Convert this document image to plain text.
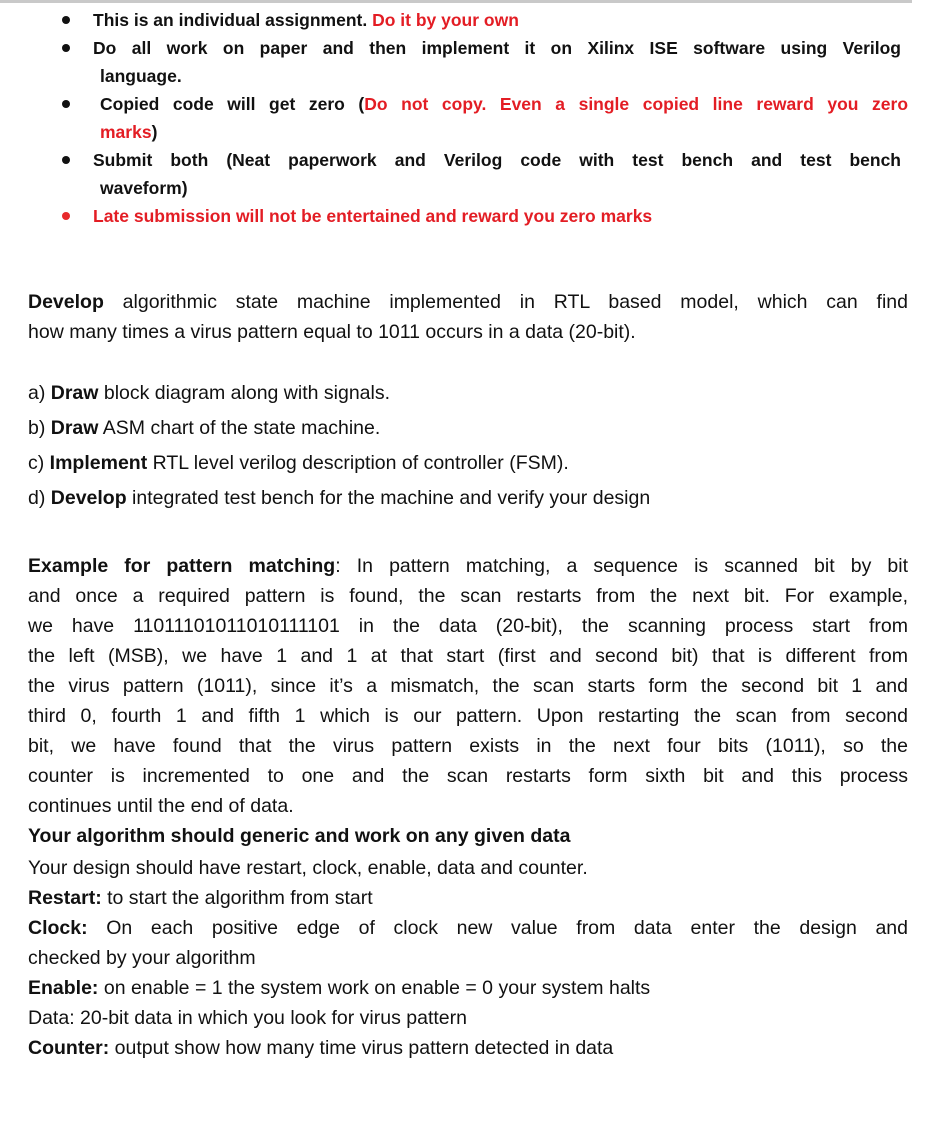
This is an individual assignment. Do it by your own
Do all work on paper and then implement it on Xilinx ISE software using Verilog
language.
Copied code will get zero (Do not copy. Even a single copied line reward you zero
marks)
Submit both (Neat paperwork and Verilog code with test bench and test bench
waveform)
Late submission will not be entertained and reward you zero marks
Develop algorithmic state machine implemented in RTL based model, which can find
how many times a virus pattern equal to 1011 occurs in a data (20-bit).
a) Draw block diagram along with signals.
b) Draw ASM chart of the state machine.
c) Implement RTL level verilog description of controller (FSM).
d) Develop integrated test bench for the machine and verify your design
Example for pattern matching: In pattern matching, a sequence is scanned bit by bit
and once a required pattern is found, the scan restarts from the next bit. For example,
we have 11011101011010111101 in the data (20-bit), the scanning process start from
the left (MSB), we have 1 and 1 at that start (first and second bit) that is different from
the virus pattern (1011), since it’s a mismatch, the scan starts form the second bit 1 and
third 0, fourth 1 and fifth 1 which is our pattern. Upon restarting the scan from second
bit, we have found that the virus pattern exists in the next four bits (1011), so the
counter is incremented to one and the scan restarts form sixth bit and this process
continues until the end of data.
Your algorithm should generic and work on any given data
Your design should have restart, clock, enable, data and counter.
Restart: to start the algorithm from start
Clock: On each positive edge of clock new value from data enter the design and
checked by your algorithm
Enable: on enable = 1 the system work on enable = 0 your system halts
Data: 20-bit data in which you look for virus pattern
Counter: output show how many time virus pattern detected in data
